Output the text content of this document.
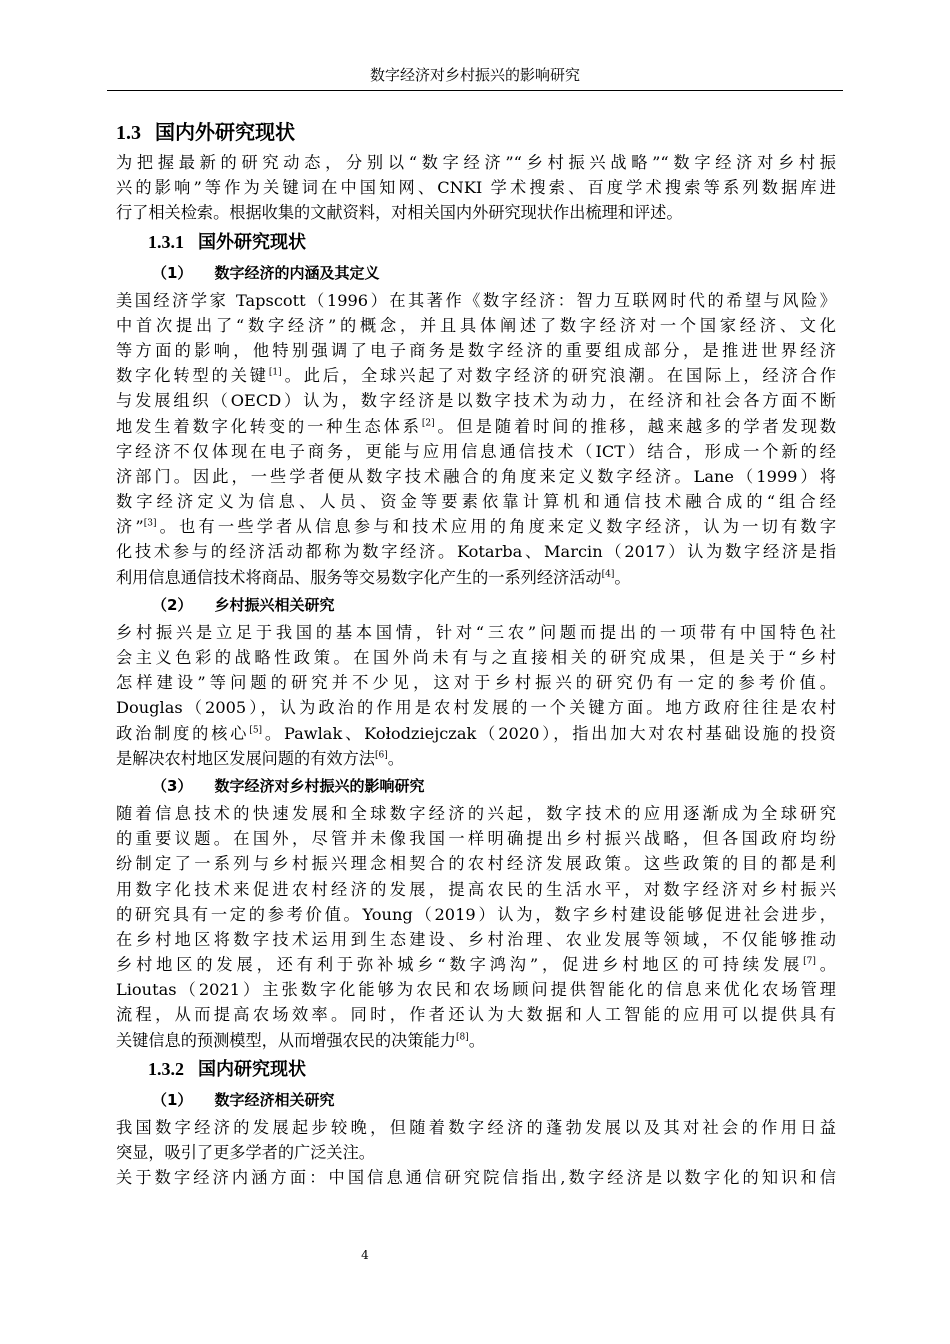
数字经济对乡村振兴的影响研究
1.3 国内外研究现状
为把握最新的研究动态，分别以“数字经济”“乡村振兴战略”“数字经济对乡村振
兴的影响”等作为关键词在中国知网、CNKI 学术搜索、百度学术搜索等系列数据库进
行了相关检索。根据收集的文献资料，对相关国内外研究现状作出梳理和评述。
1.3.1 国外研究现状
（1） 数字经济的内涵及其定义
美国经济学家 Tapscott（1996）在其著作《数字经济：智力互联网时代的希望与风险》
中首次提出了“数字经济”的概念，并且具体阐述了数字经济对一个国家经济、文化
等方面的影响，他特别强调了电子商务是数字经济的重要组成部分，是推进世界经济
数字化转型的关键[1]。此后，全球兴起了对数字经济的研究浪潮。在国际上，经济合作
与发展组织（OECD）认为，数字经济是以数字技术为动力，在经济和社会各方面不断
地发生着数字化转变的一种生态体系[2]。但是随着时间的推移，越来越多的学者发现数
字经济不仅体现在电子商务，更能与应用信息通信技术（ICT）结合，形成一个新的经
济部门。因此，一些学者便从数字技术融合的角度来定义数字经济。Lane（1999）将
数字经济定义为信息、人员、资金等要素依靠计算机和通信技术融合成的“组合经
济”[3]。也有一些学者从信息参与和技术应用的角度来定义数字经济，认为一切有数字
化技术参与的经济活动都称为数字经济。Kotarba、Marcin（2017）认为数字经济是指
利用信息通信技术将商品、服务等交易数字化产生的一系列经济活动[4]。
（2） 乡村振兴相关研究
乡村振兴是立足于我国的基本国情，针对“三农”问题而提出的一项带有中国特色社
会主义色彩的战略性政策。在国外尚未有与之直接相关的研究成果，但是关于“乡村
怎样建设”等问题的研究并不少见，这对于乡村振兴的研究仍有一定的参考价值。
Douglas（2005），认为政治的作用是农村发展的一个关键方面。地方政府往往是农村
政治制度的核心[5]。Pawlak、Kołodziejczak（2020），指出加大对农村基础设施的投资
是解决农村地区发展问题的有效方法[6]。
（3） 数字经济对乡村振兴的影响研究
随着信息技术的快速发展和全球数字经济的兴起，数字技术的应用逐渐成为全球研究
的重要议题。在国外，尽管并未像我国一样明确提出乡村振兴战略，但各国政府均纷
纷制定了一系列与乡村振兴理念相契合的农村经济发展政策。这些政策的目的都是利
用数字化技术来促进农村经济的发展，提高农民的生活水平，对数字经济对乡村振兴
的研究具有一定的参考价值。Young（2019）认为，数字乡村建设能够促进社会进步，
在乡村地区将数字技术运用到生态建设、乡村治理、农业发展等领域，不仅能够推动
乡村地区的发展，还有利于弥补城乡“数字鸿沟”，促进乡村地区的可持续发展[7]。
Lioutas（2021）主张数字化能够为农民和农场顾问提供智能化的信息来优化农场管理
流程，从而提高农场效率。同时，作者还认为大数据和人工智能的应用可以提供具有
关键信息的预测模型，从而增强农民的决策能力[8]。
1.3.2 国内研究现状
（1） 数字经济相关研究
我国数字经济的发展起步较晚，但随着数字经济的蓬勃发展以及其对社会的作用日益
突显，吸引了更多学者的广泛关注。
关于数字经济内涵方面：中国信息通信研究院信指出,数字经济是以数字化的知识和信
4
